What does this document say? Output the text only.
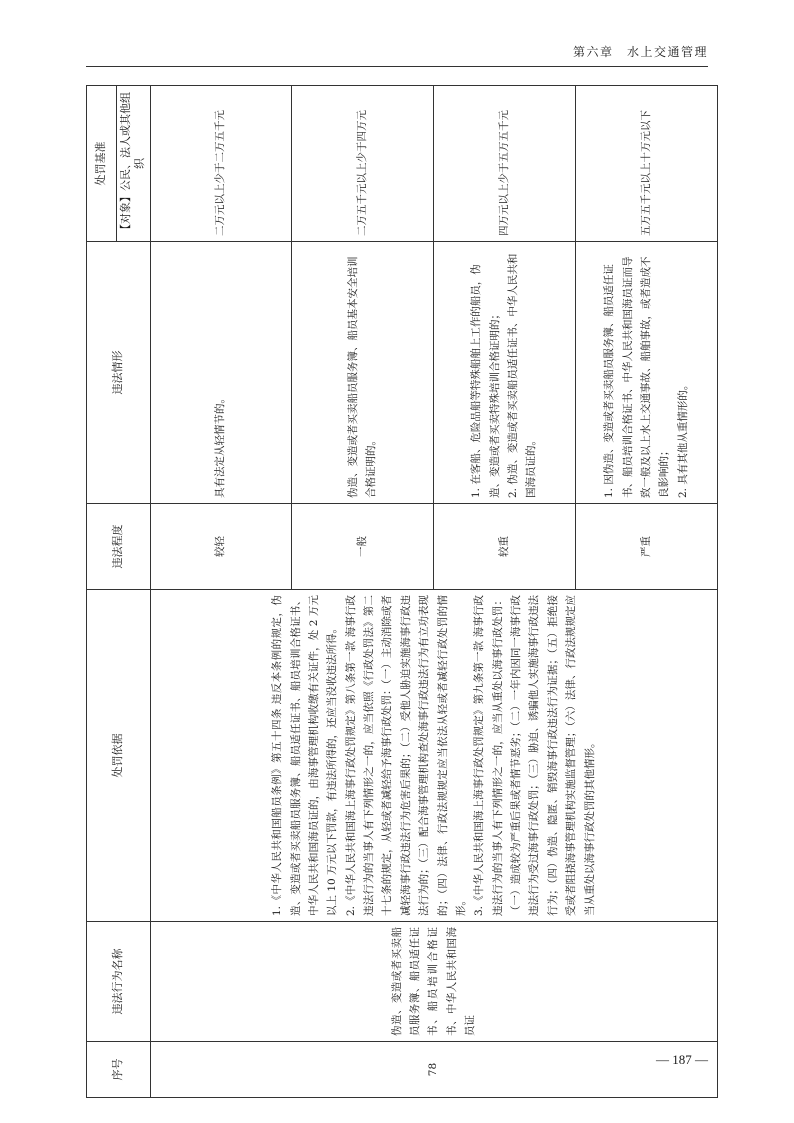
第六章　水上交通管理
序号	违法行为名称	处罚依据	违法程度	违法情形	处罚基准
					【对象】公民、法人或其他组织
78	伪造、变造或者买卖船员服务簿、船员适任证书、船员培训合格证书、中华人民共和国海员证	1.《中华人民共和国船员条例》第五十四条 违反本条例的规定，伪造、变造或者买卖船员服务簿、船员适任证书、船员培训合格证书、中华人民共和国海员证的，由海事管理机构收缴有关证件，处 2 万元以上 10 万元以下罚款，有违法所得的，还应当没收违法所得。 2.《中华人民共和国海上海事行政处罚规定》第八条第一款 海事行政违法行为的当事人有下列情形之一的，应当依照《行政处罚法》第二十七条的规定，从轻或者减轻给予海事行政处罚：（一）主动消除或者减轻海事行政违法行为危害后果的；（二）受他人胁迫实施海事行政违法行为的；（三）配合海事管理机构查处海事行政违法行为有立功表现的；（四）法律、行政法规规定应当依法从轻或者减轻行政处罚的情形。 3.《中华人民共和国海上海事行政处罚规定》第九条第一款 海事行政违法行为的当事人有下列情形之一的，应当从重处以海事行政处罚：（一）造成较为严重后果或者情节恶劣；（二）一年内因同一海事行政违法行为受过海事行政处罚；（三）胁迫、诱骗他人实施海事行政违法行为；（四）伪造、隐匿、销毁海事行政违法行为证据；（五）拒绝接受或者阻挠海事管理机构实施监督管理；（六）法律、行政法规规定应当从重处以海事行政处罚的其他情形。	较轻	具有法定从轻情节的。	二万元以上少于二万五千元
			一般	伪造、变造或者买卖船员服务簿、船员基本安全培训合格证明的。	二万五千元以上少于四万元
			较重	1. 在客船、危险品船等特殊船舶上工作的船员，伪造、变造或者买卖特殊培训合格证明的；
2. 伪造、变造或者买卖船员适任证书、中华人民共和国海员证的。	四万元以上少于五万五千元
			严重	1. 因伪造、变造或者买卖船员服务簿、船员适任证书、船员培训合格证书、中华人民共和国海员证而导致一般及以上水上交通事故、船舶事故，或者造成不良影响的；
2. 具有其他从重情形的。	五万五千元以上十万元以下
— 187 —
